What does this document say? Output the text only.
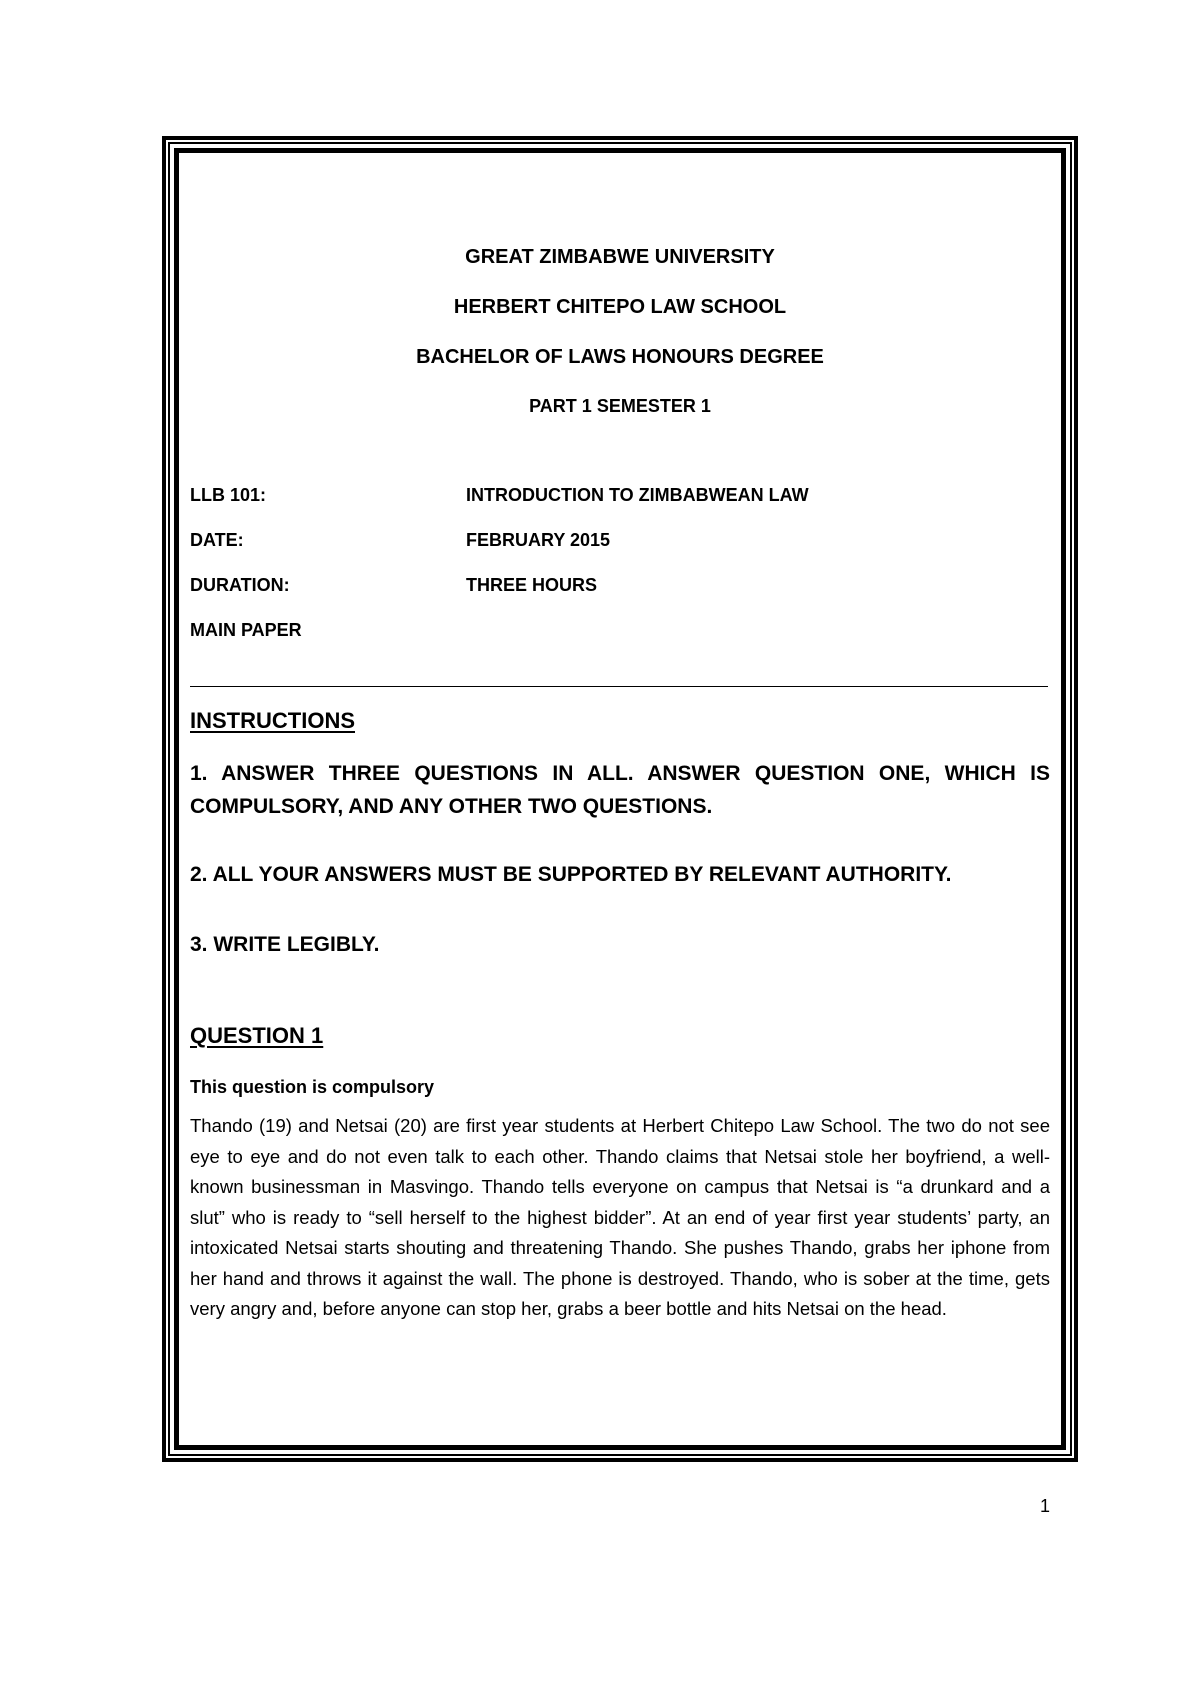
GREAT ZIMBABWE UNIVERSITY
HERBERT CHITEPO LAW SCHOOL
BACHELOR OF LAWS HONOURS DEGREE
PART 1 SEMESTER 1
LLB 101:	INTRODUCTION TO ZIMBABWEAN LAW
DATE:	FEBRUARY 2015
DURATION:	THREE HOURS
MAIN PAPER
INSTRUCTIONS
1. ANSWER THREE QUESTIONS IN ALL. ANSWER QUESTION ONE, WHICH IS COMPULSORY, AND ANY OTHER TWO QUESTIONS.
2. ALL YOUR ANSWERS MUST BE SUPPORTED BY RELEVANT AUTHORITY.
3. WRITE LEGIBLY.
QUESTION 1
This question is compulsory
Thando (19) and Netsai (20) are first year students at Herbert Chitepo Law School. The two do not see eye to eye and do not even talk to each other. Thando claims that Netsai stole her boyfriend, a well-known businessman in Masvingo. Thando tells everyone on campus that Netsai is “a drunkard and a slut” who is ready to “sell herself to the highest bidder”. At an end of year first year students’ party, an intoxicated Netsai starts shouting and threatening Thando. She pushes Thando, grabs her iphone from her hand and throws it against the wall. The phone is destroyed. Thando, who is sober at the time, gets very angry and, before anyone can stop her, grabs a beer bottle and hits Netsai on the head.
1
